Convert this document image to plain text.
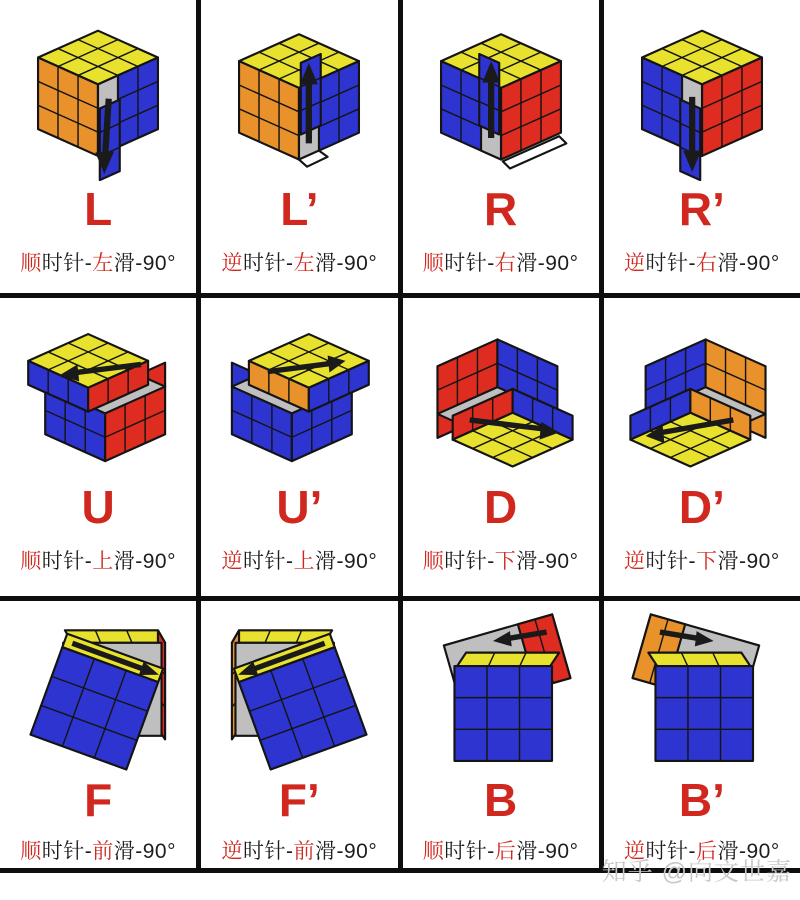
L
顺时针-左滑-90°
L’
逆时针-左滑-90°
R
顺时针-右滑-90°
R’
逆时针-右滑-90°
U
顺时针-上滑-90°
U’
逆时针-上滑-90°
D
顺时针-下滑-90°
D’
逆时针-下滑-90°
F
顺时针-前滑-90°
F’
逆时针-前滑-90°
B
顺时针-后滑-90°
B’
逆时针-后滑-90°
知乎 @向文世嘉
